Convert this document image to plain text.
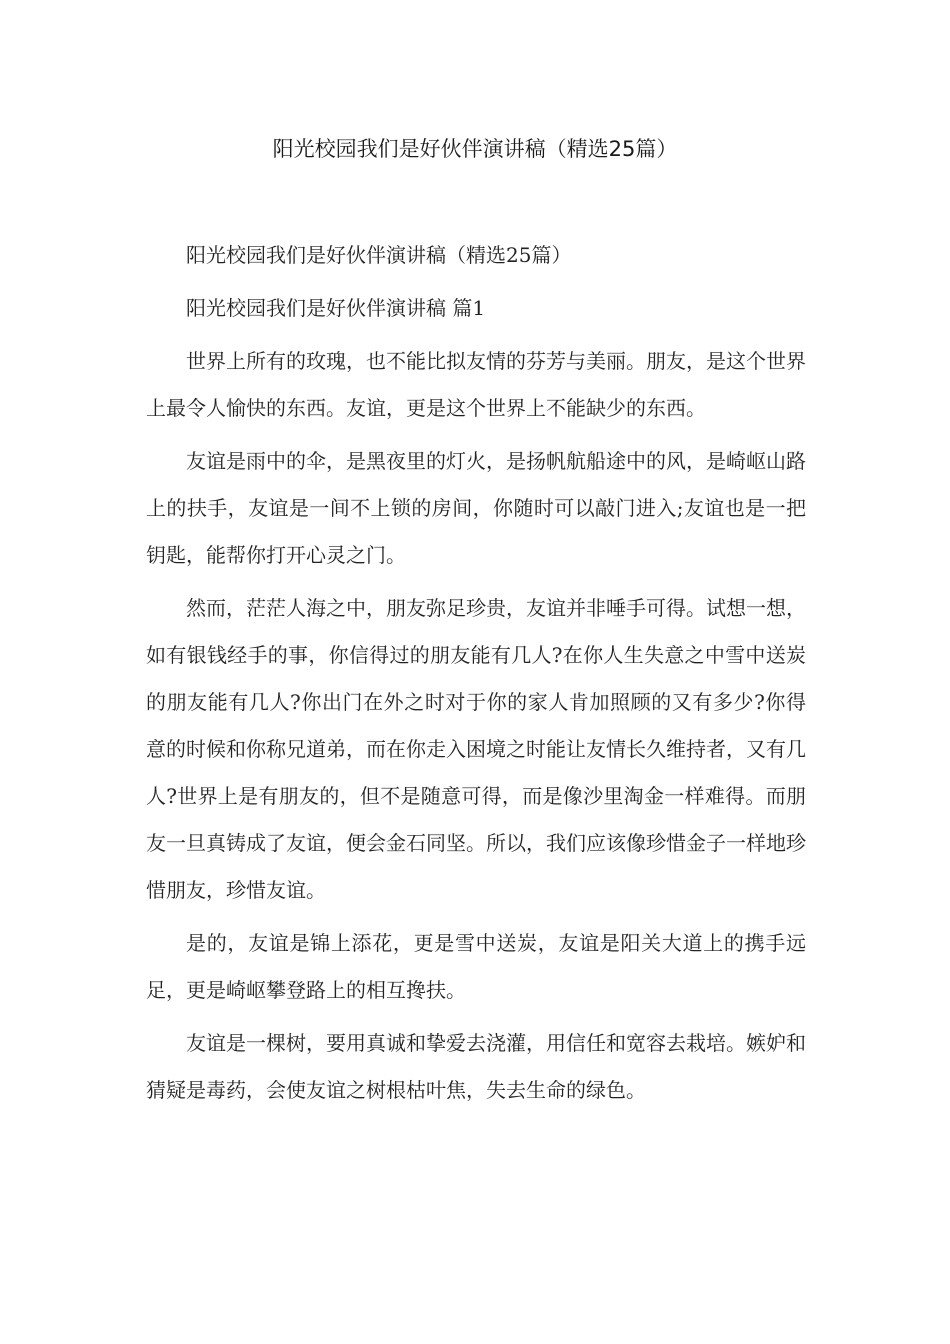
阳光校园我们是好伙伴演讲稿（精选25篇）

阳光校园我们是好伙伴演讲稿（精选25篇）

阳光校园我们是好伙伴演讲稿 篇1

世界上所有的玫瑰，也不能比拟友情的芬芳与美丽。朋友，是这个世界上最令人愉快的东西。友谊，更是这个世界上不能缺少的东西。

友谊是雨中的伞，是黑夜里的灯火，是扬帆航船途中的风，是崎岖山路上的扶手，友谊是一间不上锁的房间，你随时可以敲门进入;友谊也是一把钥匙，能帮你打开心灵之门。

然而，茫茫人海之中，朋友弥足珍贵，友谊并非唾手可得。试想一想，如有银钱经手的事，你信得过的朋友能有几人?在你人生失意之中雪中送炭的朋友能有几人?你出门在外之时对于你的家人肯加照顾的又有多少?你得意的时候和你称兄道弟，而在你走入困境之时能让友情长久维持者，又有几人?世界上是有朋友的，但不是随意可得，而是像沙里淘金一样难得。而朋友一旦真铸成了友谊，便会金石同坚。所以，我们应该像珍惜金子一样地珍惜朋友，珍惜友谊。

是的，友谊是锦上添花，更是雪中送炭，友谊是阳关大道上的携手远足，更是崎岖攀登路上的相互搀扶。

友谊是一棵树，要用真诚和挚爱去浇灌，用信任和宽容去栽培。嫉妒和猜疑是毒药，会使友谊之树根枯叶焦，失去生命的绿色。
